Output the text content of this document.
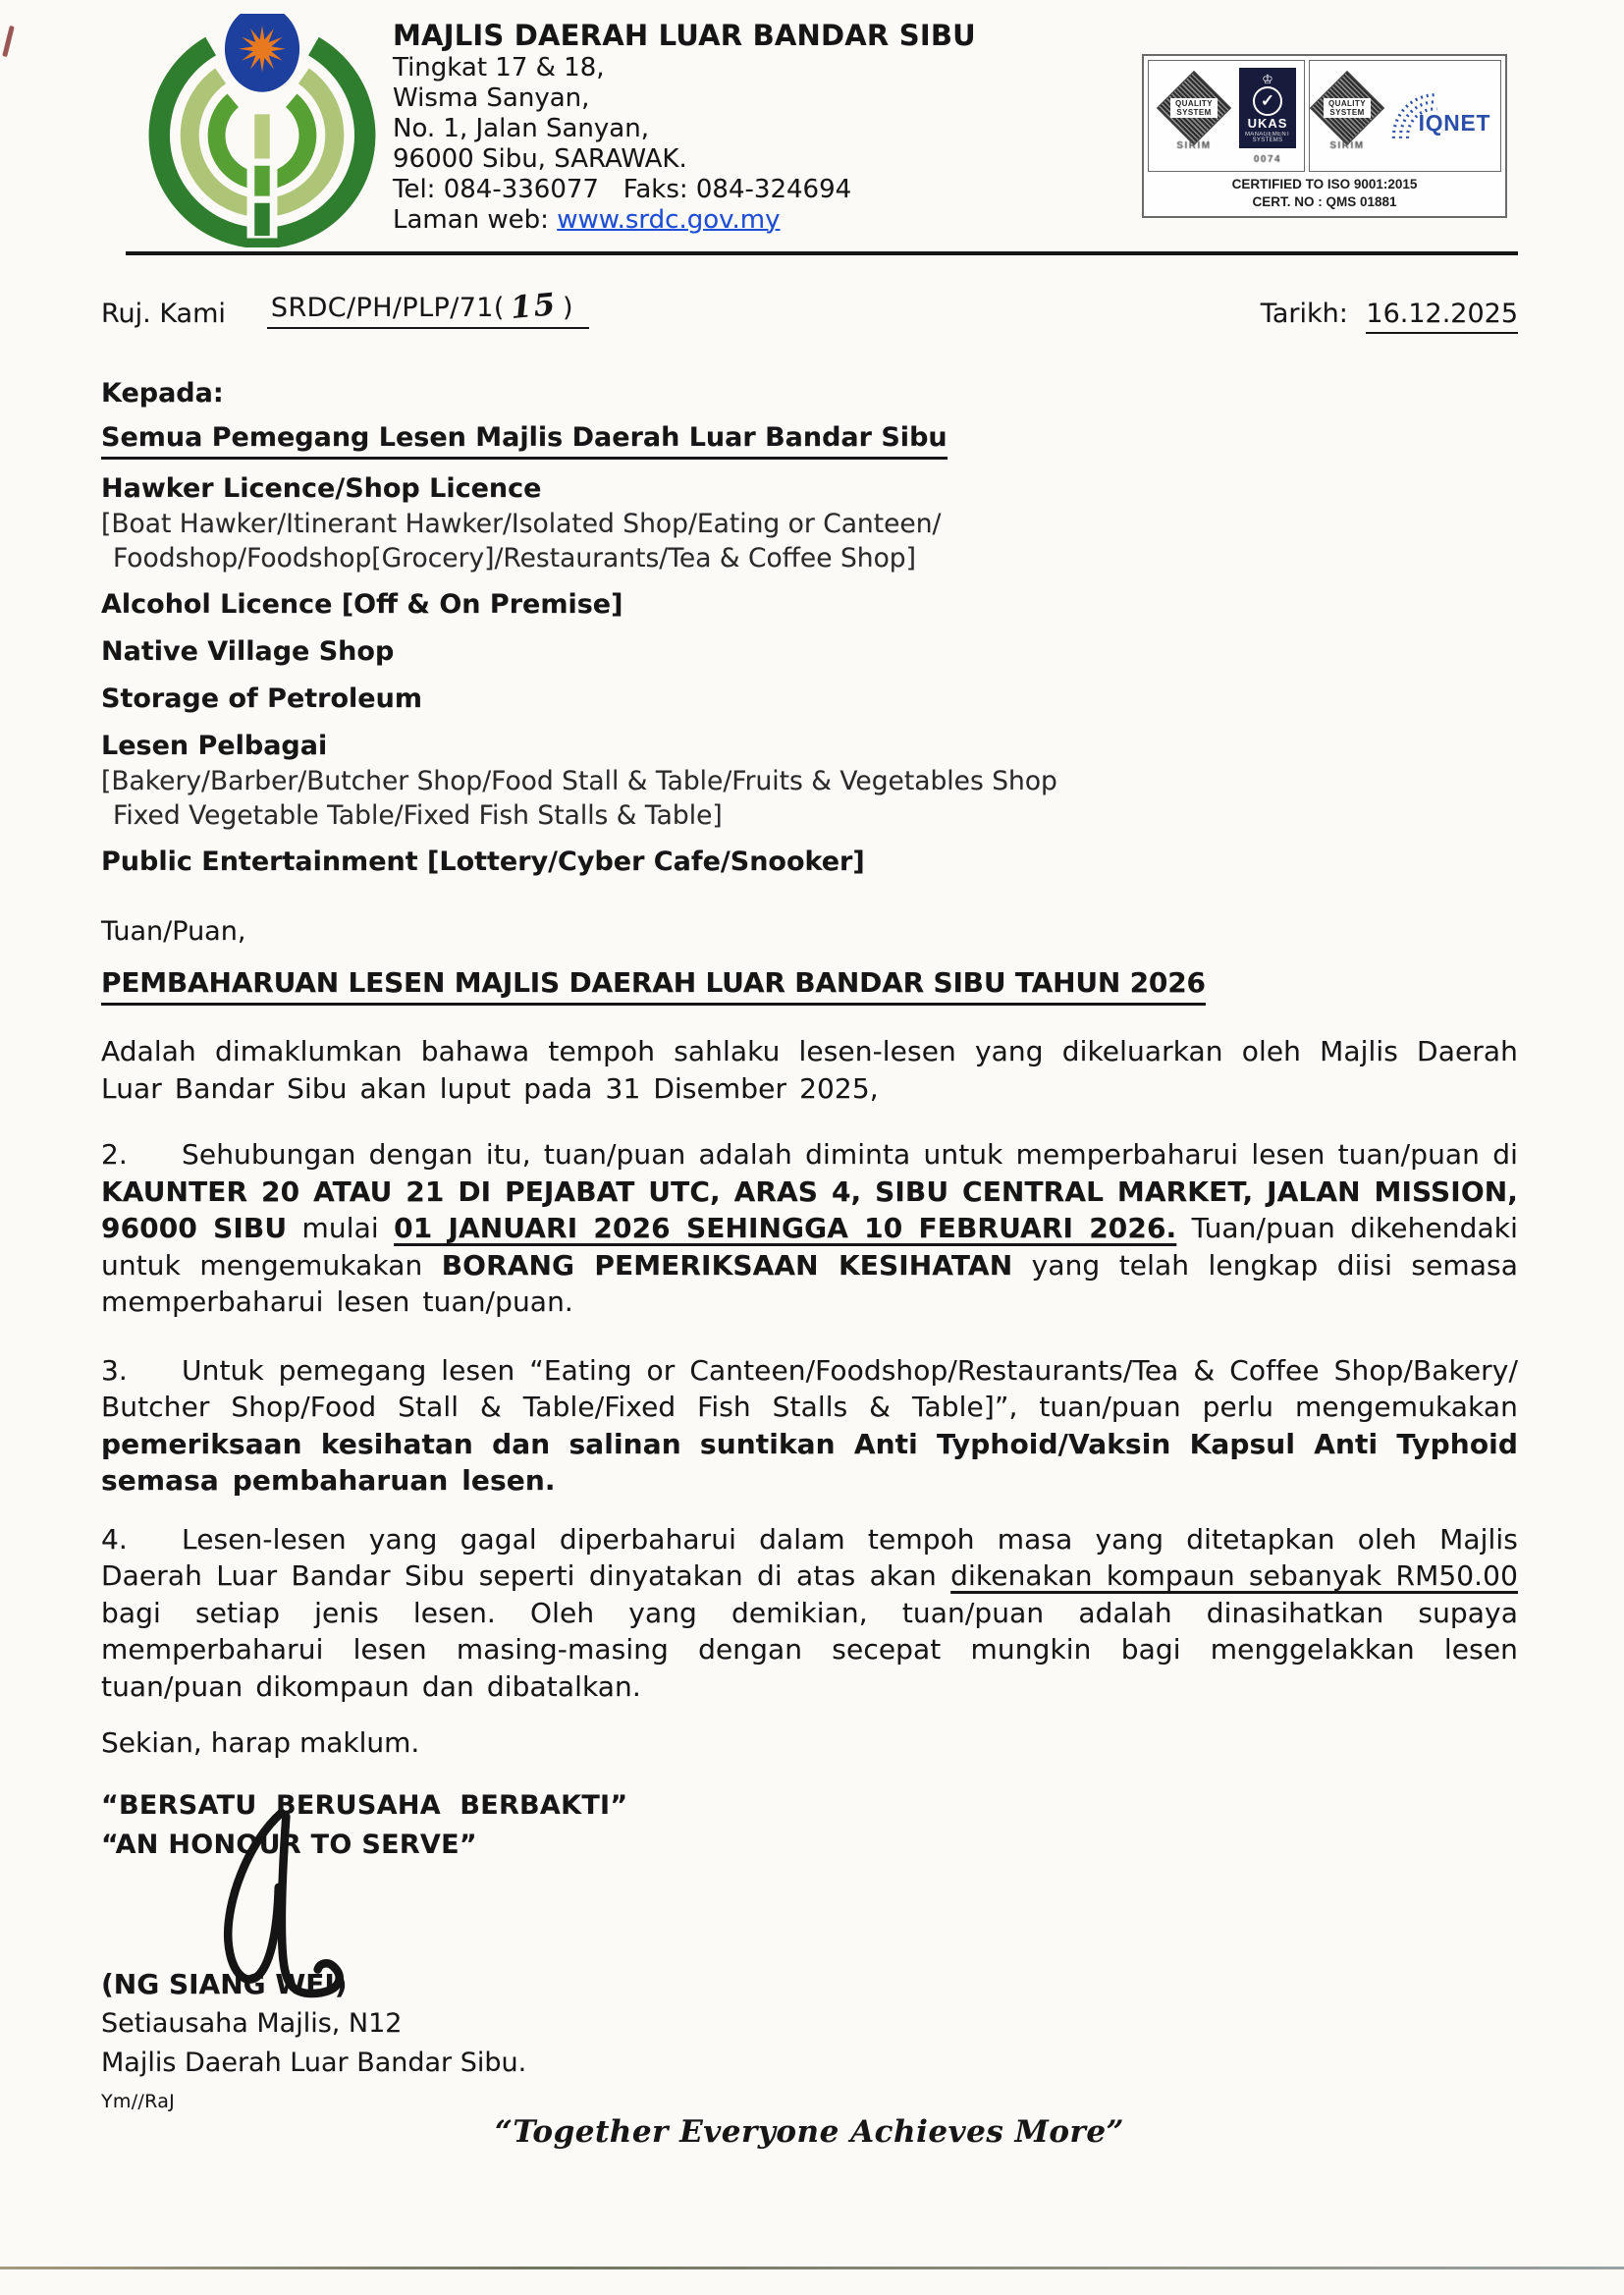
MAJLIS DAERAH LUAR BANDAR SIBU
Tingkat 17 & 18,
Wisma Sanyan,
No. 1, Jalan Sanyan,
96000 Sibu, SARAWAK.
Tel: 084-336077   Faks: 084-324694
Laman web: www.srdc.gov.my
Ruj. Kami SRDC/PH/PLP/71( 15 )	Tarikh: 16.12.2025
Kepada:
Semua Pemegang Lesen Majlis Daerah Luar Bandar Sibu
Hawker Licence/Shop Licence
[Boat Hawker/Itinerant Hawker/Isolated Shop/Eating or Canteen/
Foodshop/Foodshop[Grocery]/Restaurants/Tea & Coffee Shop]
Alcohol Licence [Off & On Premise]
Native Village Shop
Storage of Petroleum
Lesen Pelbagai
[Bakery/Barber/Butcher Shop/Food Stall & Table/Fruits & Vegetables Shop
Fixed Vegetable Table/Fixed Fish Stalls & Table]
Public Entertainment [Lottery/Cyber Cafe/Snooker]
Tuan/Puan,
PEMBAHARUAN LESEN MAJLIS DAERAH LUAR BANDAR SIBU TAHUN 2026

Adalah dimaklumkan bahawa tempoh sahlaku lesen-lesen yang dikeluarkan oleh Majlis Daerah Luar Bandar Sibu akan luput pada 31 Disember 2025,

2. Sehubungan dengan itu, tuan/puan adalah diminta untuk memperbaharui lesen tuan/puan di KAUNTER 20 ATAU 21 DI PEJABAT UTC, ARAS 4, SIBU CENTRAL MARKET, JALAN MISSION, 96000 SIBU mulai 01 JANUARI 2026 SEHINGGA 10 FEBRUARI 2026. Tuan/puan dikehendaki untuk mengemukakan BORANG PEMERIKSAAN KESIHATAN yang telah lengkap diisi semasa memperbaharui lesen tuan/puan.

3. Untuk pemegang lesen “Eating or Canteen/Foodshop/Restaurants/Tea & Coffee Shop/Bakery/ Butcher Shop/Food Stall & Table/Fixed Fish Stalls & Table]”, tuan/puan perlu mengemukakan pemeriksaan kesihatan dan salinan suntikan Anti Typhoid/Vaksin Kapsul Anti Typhoid semasa pembaharuan lesen.

4. Lesen-lesen yang gagal diperbaharui dalam tempoh masa yang ditetapkan oleh Majlis Daerah Luar Bandar Sibu seperti dinyatakan di atas akan dikenakan kompaun sebanyak RM50.00 bagi setiap jenis lesen. Oleh yang demikian, tuan/puan adalah dinasihatkan supaya memperbaharui lesen masing-masing dengan secepat mungkin bagi menggelakkan lesen tuan/puan dikompaun dan dibatalkan.

Sekian, harap maklum.
“BERSATU  BERUSAHA  BERBAKTI”
“AN HONOUR TO SERVE”
(NG SIANG WEI)
Setiausaha Majlis, N12
Majlis Daerah Luar Bandar Sibu.
Ym//RaJ
“Together Everyone Achieves More”
QUALITY
SYSTEM
SIRIM
♔
✓
UKAS
MANAGEMENT
SYSTEMS
0074
QUALITY
SYSTEM
SIRIM
IQNET
CERTIFIED TO ISO 9001:2015
CERT. NO : QMS 01881
